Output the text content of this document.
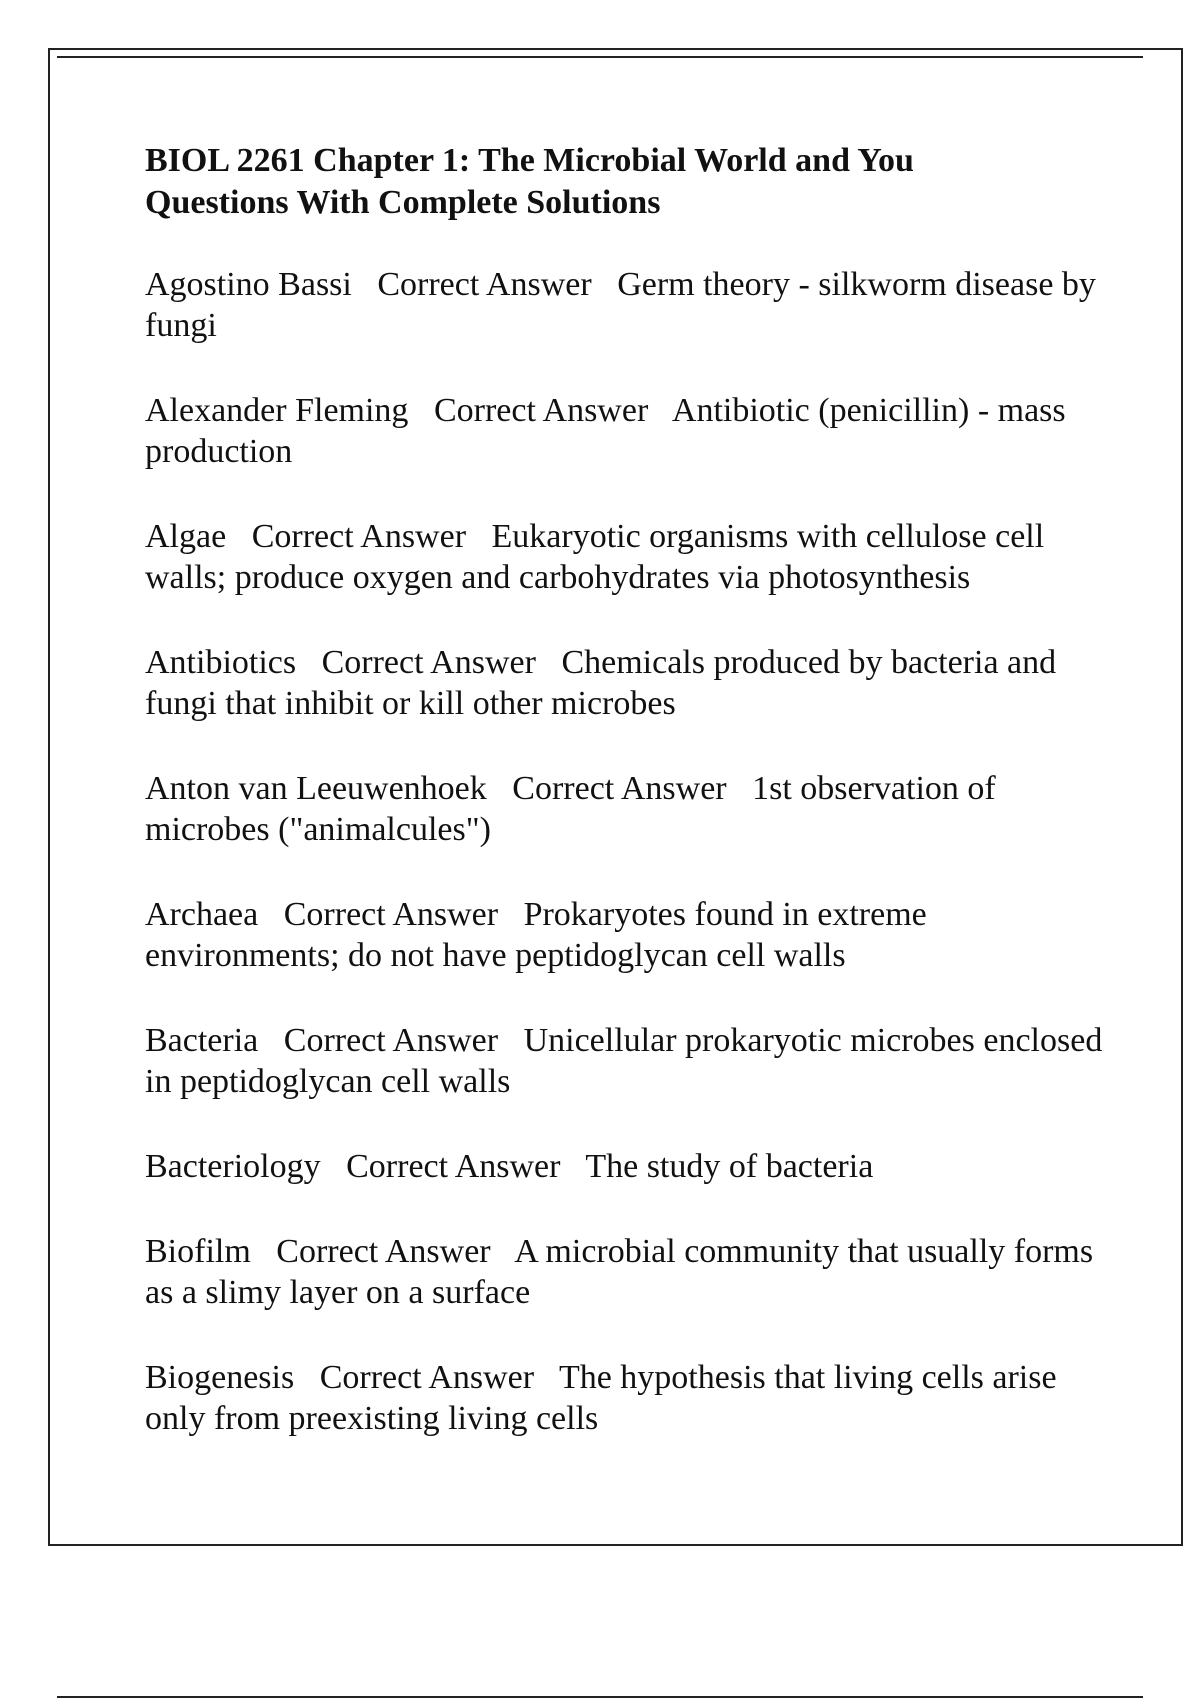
BIOL 2261 Chapter 1: The Microbial World and You
Questions With Complete Solutions
Agostino Bassi Correct Answer Germ theory - silkworm disease by fungi
Alexander Fleming Correct Answer Antibiotic (penicillin) - mass production
Algae Correct Answer Eukaryotic organisms with cellulose cell walls; produce oxygen and carbohydrates via photosynthesis
Antibiotics Correct Answer Chemicals produced by bacteria and fungi that inhibit or kill other microbes
Anton van Leeuwenhoek Correct Answer 1st observation of microbes ("animalcules")
Archaea Correct Answer Prokaryotes found in extreme environments; do not have peptidoglycan cell walls
Bacteria Correct Answer Unicellular prokaryotic microbes enclosed in peptidoglycan cell walls
Bacteriology Correct Answer The study of bacteria
Biofilm Correct Answer A microbial community that usually forms as a slimy layer on a surface
Biogenesis Correct Answer The hypothesis that living cells arise only from preexisting living cells
